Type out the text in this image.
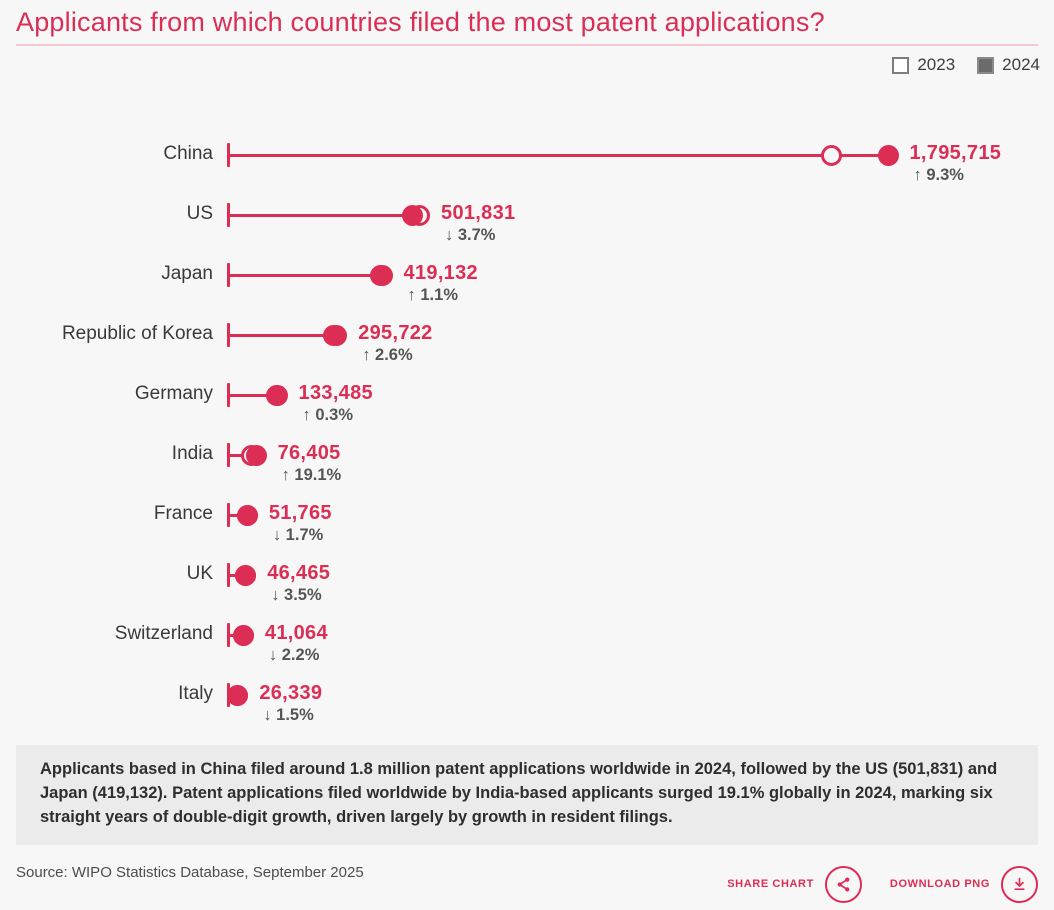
Applicants from which countries filed the most patent applications?
2023	2024
China	1,795,715
↑ 9.3%
US	501,831
↓ 3.7%
Japan	419,132
↑ 1.1%
Republic of Korea	295,722
↑ 2.6%
Germany	133,485
↑ 0.3%
India	76,405
↑ 19.1%
France	51,765
↓ 1.7%
UK	46,465
↓ 3.5%
Switzerland	41,064
↓ 2.2%
Italy 26,339
↓ 1.5%

Applicants based in China filed around 1.8 million patent applications worldwide in 2024, followed by the US (501,831) and Japan (419,132). Patent applications filed worldwide by India-based applicants surged 19.1% globally in 2024, marking six straight years of double-digit growth, driven largely by growth in resident filings.

Source: WIPO Statistics Database, September 2025
SHARE CHART	DOWNLOAD PNG
